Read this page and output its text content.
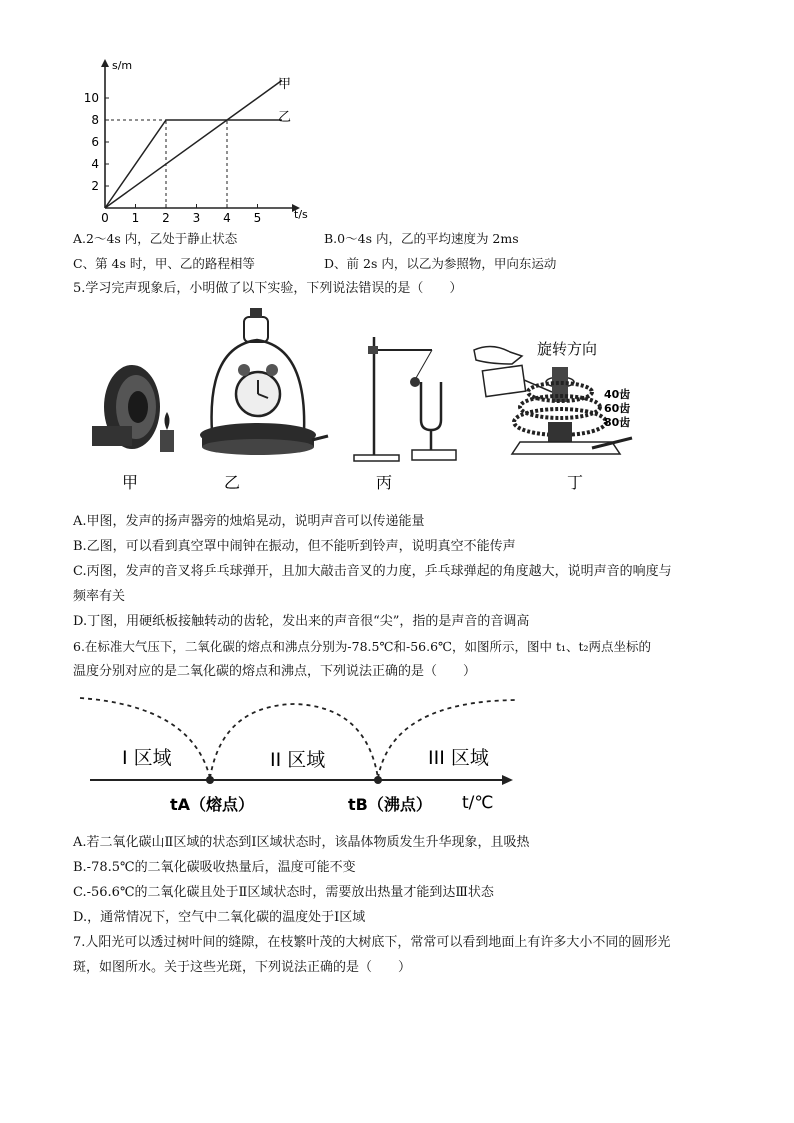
2
4
6
8
10
0 1 2 3 4 5
s/m
t/s
甲
乙
A.2～4s 内，乙处于静止状态	B.0～4s 内，乙的平均速度为 2ms
C、第 4s 时，甲、乙的路程相等	D、前 2s 内，以乙为参照物，甲向东运动
5.学习完声现象后，小明做了以下实验，下列说法错误的是（　　）
旋转方向
40齿
60齿
80齿
甲	乙	丙	丁
A.甲图，发声的扬声器旁的烛焰晃动，说明声音可以传递能量
B.乙图，可以看到真空罩中闹钟在振动，但不能听到铃声，说明真空不能传声
C.丙图，发声的音叉将乒乓球弹开，且加大敲击音叉的力度，乒乓球弹起的角度越大，说明声音的响度与
频率有关
D.丁图，用硬纸板接触转动的齿轮，发出来的声音很“尖”，指的是声音的音调高
6.在标准大气压下，二氧化碳的熔点和沸点分别为-78.5℃和-56.6℃，如图所示，图中 t₁、t₂两点坐标的
温度分别对应的是二氧化碳的熔点和沸点，下列说法正确的是（　　）
I 区域	II 区域	III 区域
tA（熔点）	tB（沸点） t/℃
A.若二氧化碳山Ⅱ区域的状态到Ⅰ区域状态时，该晶体物质发生升华现象，且吸热
B.-78.5℃的二氧化碳吸收热量后，温度可能不变
C.-56.6℃的二氧化碳且处于Ⅱ区域状态时，需要放出热量才能到达Ⅲ状态
D.，通常情况下，空气中二氧化碳的温度处于Ⅰ区域
7.人阳光可以透过树叶间的缝隙，在枝繁叶茂的大树底下，常常可以看到地面上有许多大小不同的圆形光
斑，如图所水。关于这些光斑，下列说法正确的是（　　）
